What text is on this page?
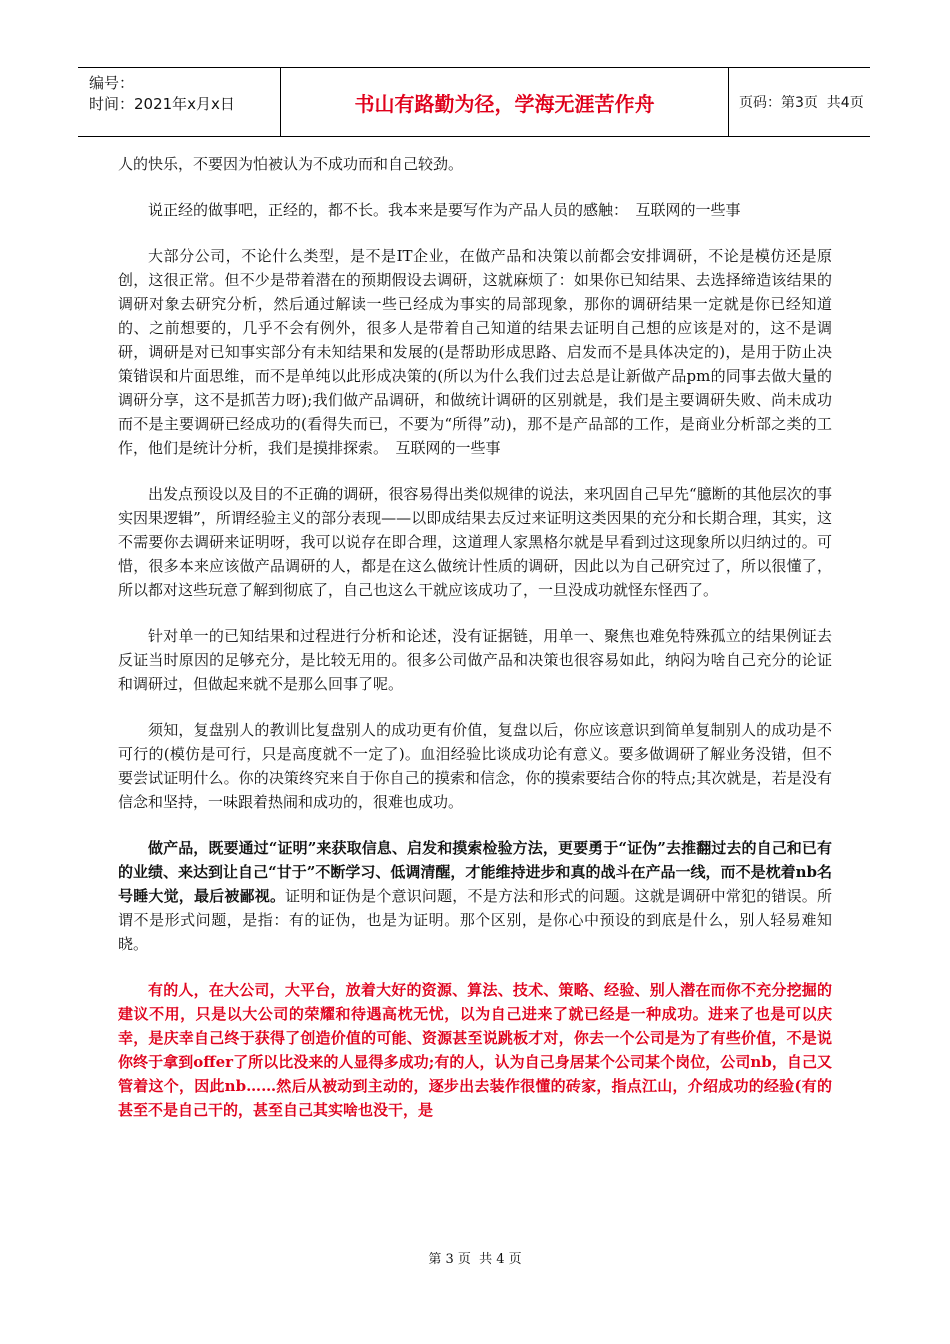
编号：
时间：2021年x月x日	书山有路勤为径，学海无涯苦作舟	页码：第3页  共4页

人的快乐，不要因为怕被认为不成功而和自己较劲。

说正经的做事吧，正经的，都不长。我本来是要写作为产品人员的感触：　互联网的一些事

大部分公司，不论什么类型，是不是IT企业，在做产品和决策以前都会安排调研，不论是模仿还是原创，这很正常。但不少是带着潜在的预期假设去调研，这就麻烦了：如果你已知结果、去选择缔造该结果的调研对象去研究分析，然后通过解读一些已经成为事实的局部现象，那你的调研结果一定就是你已经知道的、之前想要的，几乎不会有例外，很多人是带着自己知道的结果去证明自己想的应该是对的，这不是调研，调研是对已知事实部分有未知结果和发展的(是帮助形成思路、启发而不是具体决定的)，是用于防止决策错误和片面思维，而不是单纯以此形成决策的(所以为什么我们过去总是让新做产品pm的同事去做大量的调研分享，这不是抓苦力呀);我们做产品调研，和做统计调研的区别就是，我们是主要调研失败、尚未成功而不是主要调研已经成功的(看得失而已，不要为“所得”动)，那不是产品部的工作，是商业分析部之类的工作，他们是统计分析，我们是摸排探索。　互联网的一些事

出发点预设以及目的不正确的调研，很容易得出类似规律的说法，来巩固自己早先“臆断的其他层次的事实因果逻辑”，所谓经验主义的部分表现——以即成结果去反过来证明这类因果的充分和长期合理，其实，这不需要你去调研来证明呀，我可以说存在即合理，这道理人家黑格尔就是早看到过这现象所以归纳过的。可惜，很多本来应该做产品调研的人，都是在这么做统计性质的调研，因此以为自己研究过了，所以很懂了，所以都对这些玩意了解到彻底了，自己也这么干就应该成功了，一旦没成功就怪东怪西了。

针对单一的已知结果和过程进行分析和论述，没有证据链，用单一、聚焦也难免特殊孤立的结果例证去反证当时原因的足够充分，是比较无用的。很多公司做产品和决策也很容易如此，纳闷为啥自己充分的论证和调研过，但做起来就不是那么回事了呢。

须知，复盘别人的教训比复盘别人的成功更有价值，复盘以后，你应该意识到简单复制别人的成功是不可行的(模仿是可行，只是高度就不一定了)。血泪经验比谈成功论有意义。要多做调研了解业务没错，但不要尝试证明什么。你的决策终究来自于你自己的摸索和信念，你的摸索要结合你的特点;其次就是，若是没有信念和坚持，一味跟着热闹和成功的，很难也成功。

做产品，既要通过“证明”来获取信息、启发和摸索检验方法，更要勇于“证伪”去推翻过去的自己和已有的业绩、来达到让自己“甘于”不断学习、低调清醒，才能维持进步和真的战斗在产品一线，而不是枕着nb名号睡大觉，最后被鄙视。证明和证伪是个意识问题，不是方法和形式的问题。这就是调研中常犯的错误。所谓不是形式问题，是指：有的证伪，也是为证明。那个区别，是你心中预设的到底是什么，别人轻易难知晓。

有的人，在大公司，大平台，放着大好的资源、算法、技术、策略、经验、别人潜在而你不充分挖掘的建议不用，只是以大公司的荣耀和待遇高枕无忧，以为自己进来了就已经是一种成功。进来了也是可以庆幸，是庆幸自己终于获得了创造价值的可能、资源甚至说跳板才对，你去一个公司是为了有些价值，不是说你终于拿到offer了所以比没来的人显得多成功;有的人，认为自己身居某个公司某个岗位，公司nb，自己又管着这个，因此nb……然后从被动到主动的，逐步出去装作很懂的砖家，指点江山，介绍成功的经验(有的甚至不是自己干的，甚至自己其实啥也没干，是

第 3 页  共 4 页
